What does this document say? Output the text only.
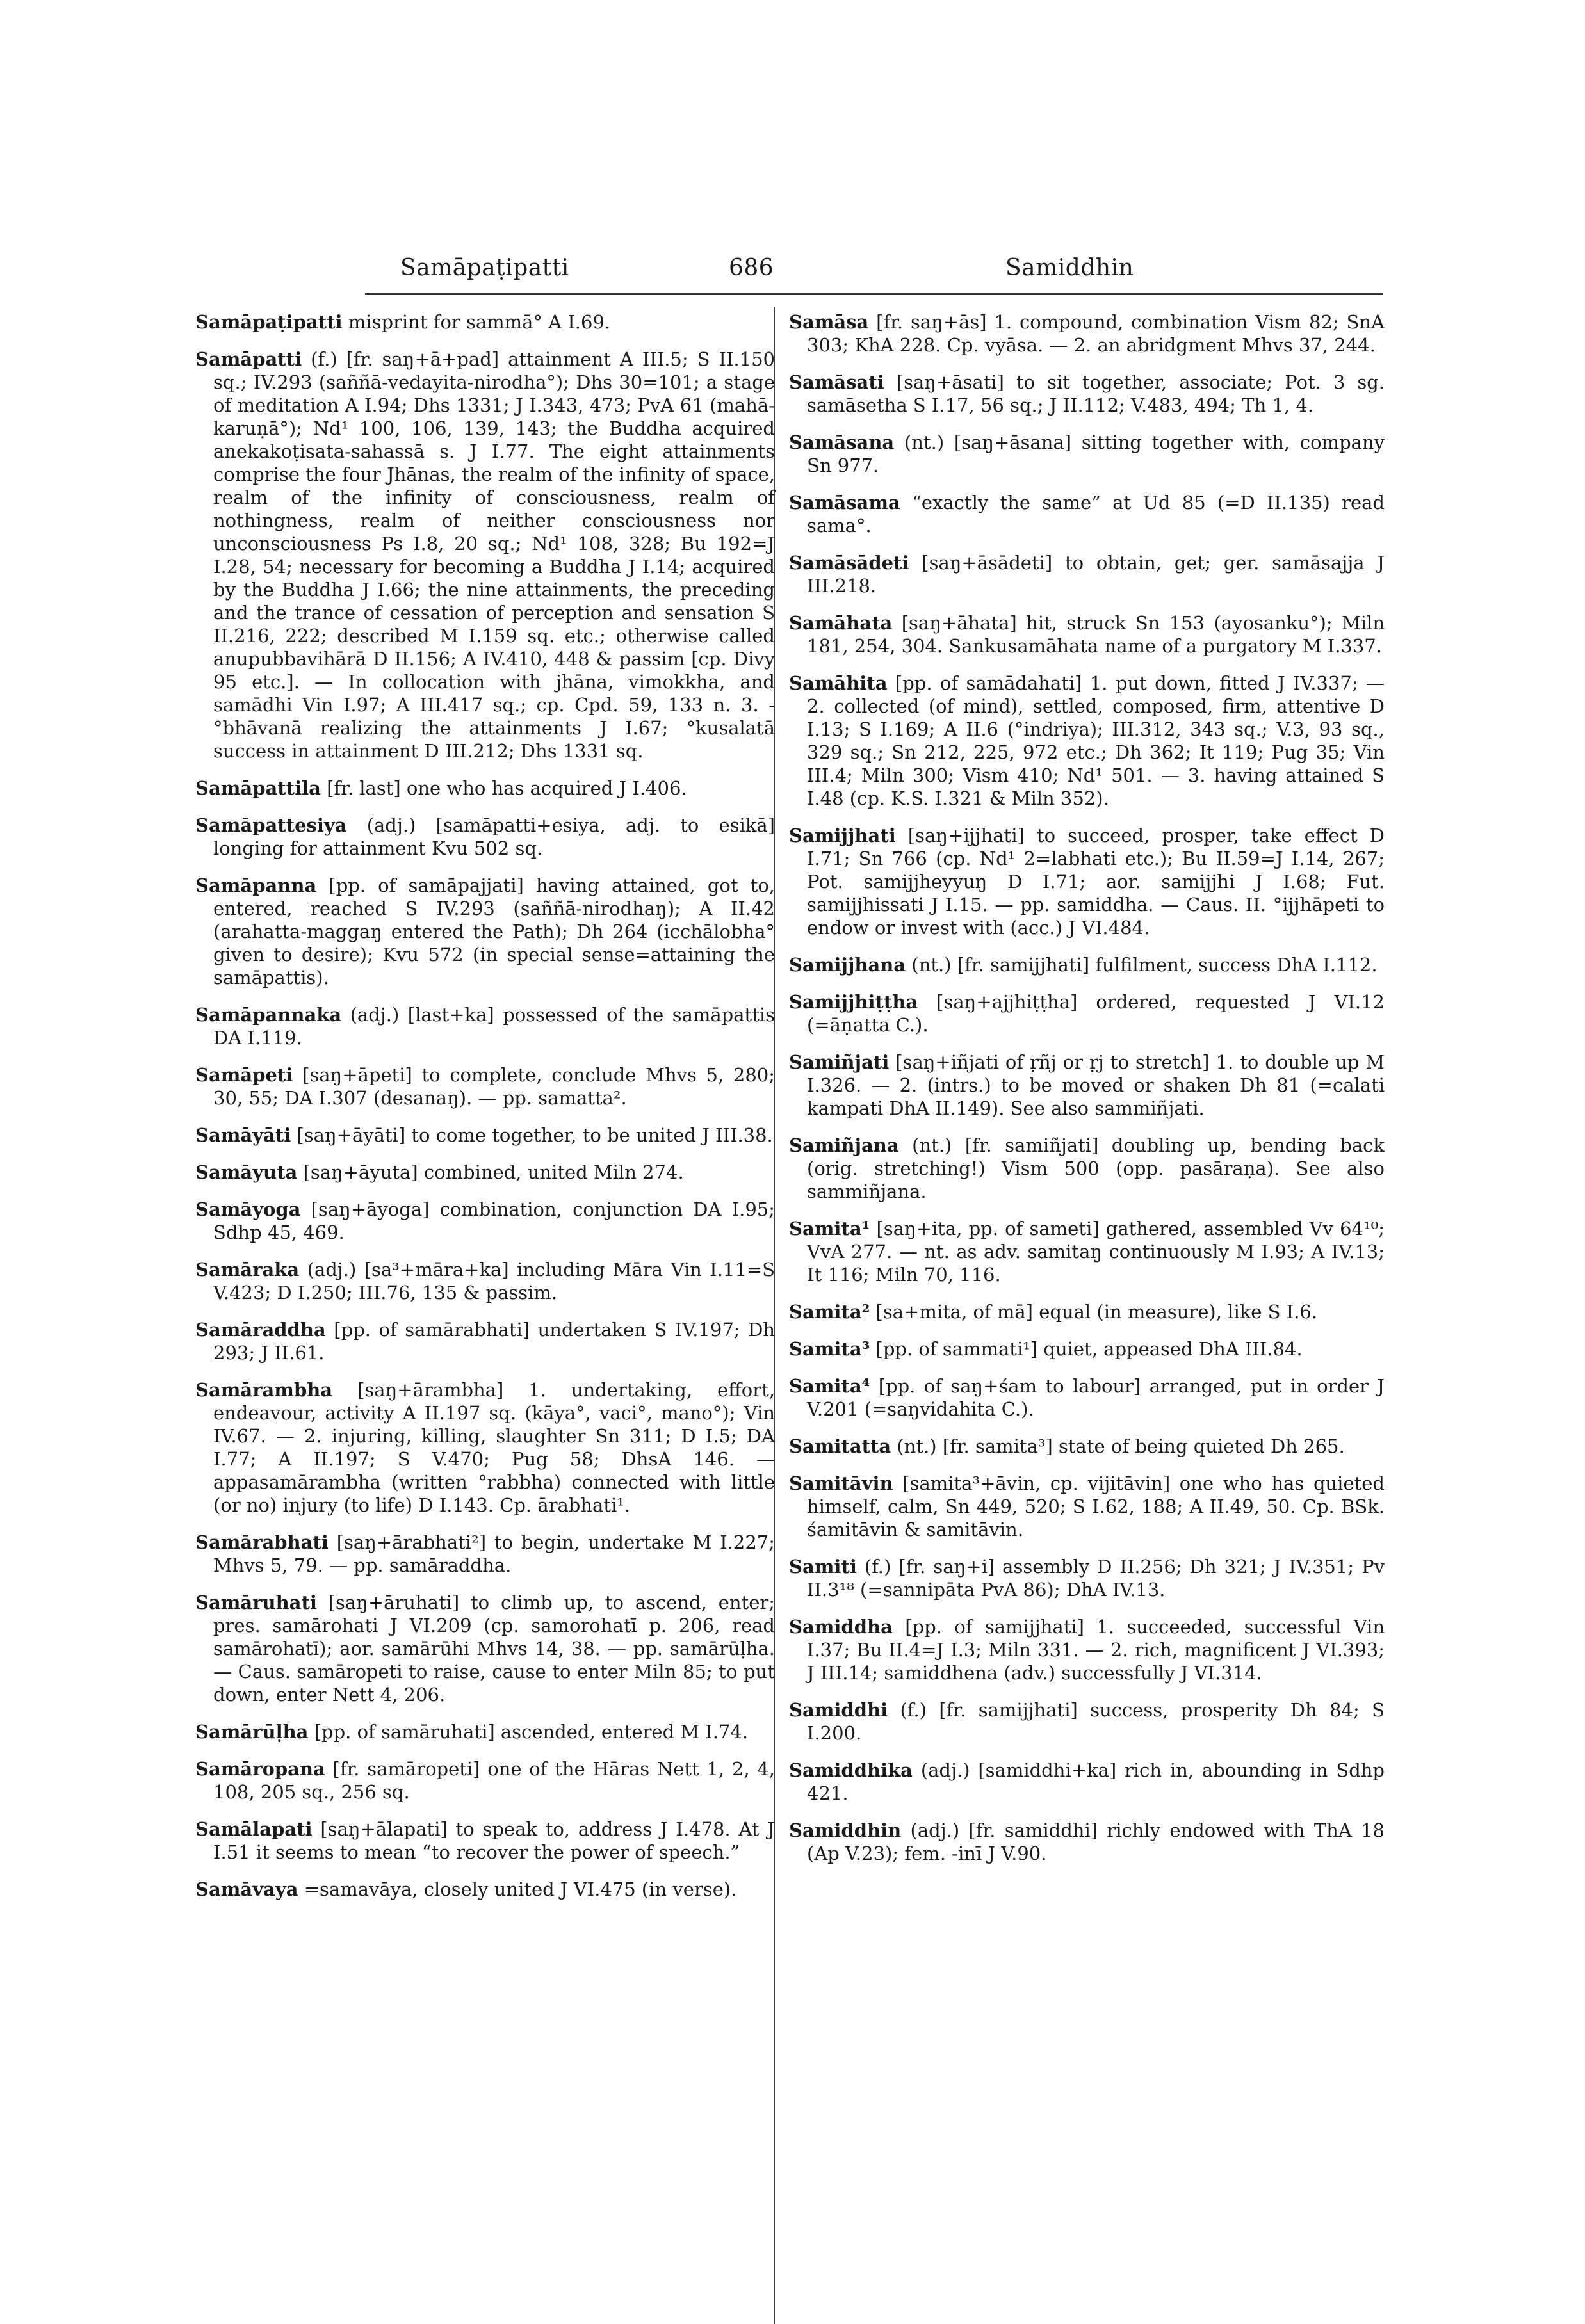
Samāpaṭipatti	686	Samiddhin

Samāpaṭipatti misprint for sammā° A I.69.

Samāpatti (f.) [fr. saŋ+ā+pad] attainment A III.5; S II.150 sq.; IV.293 (saññā-vedayita-nirodha°); Dhs 30=101; a stage of meditation A I.94; Dhs 1331; J I.343, 473; PvA 61 (mahā-karuṇā°); Nd¹ 100, 106, 139, 143; the Buddha acquired anekakoṭisata-sahassā s. J I.77. The eight attainments comprise the four Jhānas, the realm of the infinity of space, realm of the infinity of consciousness, realm of nothingness, realm of neither consciousness nor unconsciousness Ps I.8, 20 sq.; Nd¹ 108, 328; Bu 192=J I.28, 54; necessary for becoming a Buddha J I.14; acquired by the Buddha J I.66; the nine attainments, the preceding and the trance of cessation of perception and sensation S II.216, 222; described M I.159 sq. etc.; otherwise called anupubbavihārā D II.156; A IV.410, 448 & passim [cp. Divy 95 etc.]. — In collocation with jhāna, vimokkha, and samādhi Vin I.97; A III.417 sq.; cp. Cpd. 59, 133 n. 3. -°bhāvanā realizing the attainments J I.67; °kusalatā success in attainment D III.212; Dhs 1331 sq.

Samāpattila [fr. last] one who has acquired J I.406.

Samāpattesiya (adj.) [samāpatti+esiya, adj. to esikā] longing for attainment Kvu 502 sq.

Samāpanna [pp. of samāpajjati] having attained, got to, entered, reached S IV.293 (saññā-nirodhaŋ); A II.42 (arahatta-maggaŋ entered the Path); Dh 264 (icchālobha° given to desire); Kvu 572 (in special sense=attaining the samāpattis).

Samāpannaka (adj.) [last+ka] possessed of the samāpattis DA I.119.

Samāpeti [saŋ+āpeti] to complete, conclude Mhvs 5, 280; 30, 55; DA I.307 (desanaŋ). — pp. samatta².

Samāyāti [saŋ+āyāti] to come together, to be united J III.38.

Samāyuta [saŋ+āyuta] combined, united Miln 274.

Samāyoga [saŋ+āyoga] combination, conjunction DA I.95; Sdhp 45, 469.

Samāraka (adj.) [sa³+māra+ka] including Māra Vin I.11=S V.423; D I.250; III.76, 135 & passim.

Samāraddha [pp. of samārabhati] undertaken S IV.197; Dh 293; J II.61.

Samārambha [saŋ+ārambha] 1. undertaking, effort, endeavour, activity A II.197 sq. (kāya°, vaci°, mano°); Vin IV.67. — 2. injuring, killing, slaughter Sn 311; D I.5; DA I.77; A II.197; S V.470; Pug 58; DhsA 146. —appasamārambha (written °rabbha) connected with little (or no) injury (to life) D I.143. Cp. ārabhati¹.

Samārabhati [saŋ+ārabhati²] to begin, undertake M I.227; Mhvs 5, 79. — pp. samāraddha.

Samāruhati [saŋ+āruhati] to climb up, to ascend, enter; pres. samārohati J VI.209 (cp. samorohatī p. 206, read samārohatī); aor. samārūhi Mhvs 14, 38. — pp. samārūḷha. — Caus. samāropeti to raise, cause to enter Miln 85; to put down, enter Nett 4, 206.

Samārūḷha [pp. of samāruhati] ascended, entered M I.74.

Samāropana [fr. samāropeti] one of the Hāras Nett 1, 2, 4, 108, 205 sq., 256 sq.

Samālapati [saŋ+ālapati] to speak to, address J I.478. At J I.51 it seems to mean “to recover the power of speech.”

Samāvaya =samavāya, closely united J VI.475 (in verse).

Samāsa [fr. saŋ+ās] 1. compound, combination Vism 82; SnA 303; KhA 228. Cp. vyāsa. — 2. an abridgment Mhvs 37, 244.

Samāsati [saŋ+āsati] to sit together, associate; Pot. 3 sg. samāsetha S I.17, 56 sq.; J II.112; V.483, 494; Th 1, 4.

Samāsana (nt.) [saŋ+āsana] sitting together with, company Sn 977.

Samāsama “exactly the same” at Ud 85 (=D II.135) read sama°.

Samāsādeti [saŋ+āsādeti] to obtain, get; ger. samāsajja J III.218.

Samāhata [saŋ+āhata] hit, struck Sn 153 (ayosanku°); Miln 181, 254, 304. Sankusamāhata name of a purgatory M I.337.

Samāhita [pp. of samādahati] 1. put down, fitted J IV.337; — 2. collected (of mind), settled, composed, firm, attentive D I.13; S I.169; A II.6 (°indriya); III.312, 343 sq.; V.3, 93 sq., 329 sq.; Sn 212, 225, 972 etc.; Dh 362; It 119; Pug 35; Vin III.4; Miln 300; Vism 410; Nd¹ 501. — 3. having attained S I.48 (cp. K.S. I.321 & Miln 352).

Samijjhati [saŋ+ijjhati] to succeed, prosper, take effect D I.71; Sn 766 (cp. Nd¹ 2=labhati etc.); Bu II.59=J I.14, 267; Pot. samijjheyyuŋ D I.71; aor. samijjhi J I.68; Fut. samijjhissati J I.15. — pp. samiddha. — Caus. II. °ijjhāpeti to endow or invest with (acc.) J VI.484.

Samijjhana (nt.) [fr. samijjhati] fulfilment, success DhA I.112.

Samijjhiṭṭha [saŋ+ajjhiṭṭha] ordered, requested J VI.12 (=āṇatta C.).

Samiñjati [saŋ+iñjati of ṛñj or ṛj to stretch] 1. to double up M I.326. — 2. (intrs.) to be moved or shaken Dh 81 (=calati kampati DhA II.149). See also sammiñjati.

Samiñjana (nt.) [fr. samiñjati] doubling up, bending back (orig. stretching!) Vism 500 (opp. pasāraṇa). See also sammiñjana.

Samita¹ [saŋ+ita, pp. of sameti] gathered, assembled Vv 64¹⁰; VvA 277. — nt. as adv. samitaŋ continuously M I.93; A IV.13; It 116; Miln 70, 116.

Samita² [sa+mita, of mā] equal (in measure), like S I.6.

Samita³ [pp. of sammati¹] quiet, appeased DhA III.84.

Samita⁴ [pp. of saŋ+śam to labour] arranged, put in order J V.201 (=saŋvidahita C.).

Samitatta (nt.) [fr. samita³] state of being quieted Dh 265.

Samitāvin [samita³+āvin, cp. vijitāvin] one who has quieted himself, calm, Sn 449, 520; S I.62, 188; A II.49, 50. Cp. BSk. śamitāvin & samitāvin.

Samiti (f.) [fr. saŋ+i] assembly D II.256; Dh 321; J IV.351; Pv II.3¹⁸ (=sannipāta PvA 86); DhA IV.13.

Samiddha [pp. of samijjhati] 1. succeeded, successful Vin I.37; Bu II.4=J I.3; Miln 331. — 2. rich, magnificent J VI.393; J III.14; samiddhena (adv.) successfully J VI.314.

Samiddhi (f.) [fr. samijjhati] success, prosperity Dh 84; S I.200.

Samiddhika (adj.) [samiddhi+ka] rich in, abounding in Sdhp 421.

Samiddhin (adj.) [fr. samiddhi] richly endowed with ThA 18 (Ap V.23); fem. -inī J V.90.
